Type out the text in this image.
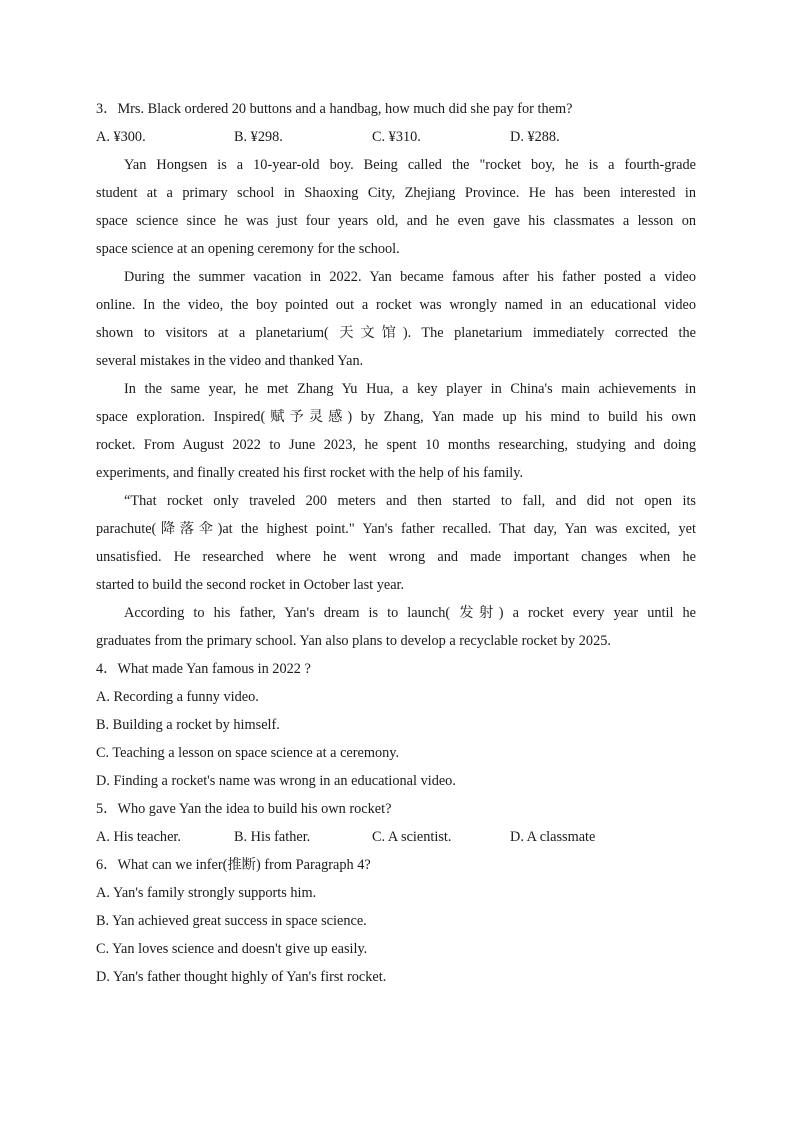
3．Mrs. Black ordered 20 buttons and a handbag, how much did she pay for them?
A. ¥300.	B. ¥298.	C. ¥310.	D. ¥288.
Yan Hongsen is a 10-year-old boy. Being called the "rocket boy, he is a fourth-grade
student at a primary school in Shaoxing City, Zhejiang Province. He has been interested in
space science since he was just four years old, and he even gave his classmates a lesson on
space science at an opening ceremony for the school.
During the summer vacation in 2022. Yan became famous after his father posted a video
online. In the video, the boy pointed out a rocket was wrongly named in an educational video
shown to visitors at a planetarium( 天文馆). The planetarium immediately corrected the
several mistakes in the video and thanked Yan.
In the same year, he met Zhang Yu Hua, a key player in China's main achievements in
space exploration. Inspired(赋予灵感) by Zhang, Yan made up his mind to build his own
rocket. From August 2022 to June 2023, he spent 10 months researching, studying and doing
experiments, and finally created his first rocket with the help of his family.
“That rocket only traveled 200 meters and then started to fall, and did not open its
parachute(降落伞)at the highest point." Yan's father recalled. That day, Yan was excited, yet
unsatisfied. He researched where he went wrong and made important changes when he
started to build the second rocket in October last year.
According to his father, Yan's dream is to launch( 发射) a rocket every year until he
graduates from the primary school. Yan also plans to develop a recyclable rocket by 2025.
4．What made Yan famous in 2022 ?
A. Recording a funny video.
B. Building a rocket by himself.
C. Teaching a lesson on space science at a ceremony.
D. Finding a rocket's name was wrong in an educational video.
5．Who gave Yan the idea to build his own rocket?
A. His teacher.	B. His father.	C. A scientist.	D. A classmate
6．What can we infer(推断) from Paragraph 4?
A. Yan's family strongly supports him.
B. Yan achieved great success in space science.
C. Yan loves science and doesn't give up easily.
D. Yan's father thought highly of Yan's first rocket.
